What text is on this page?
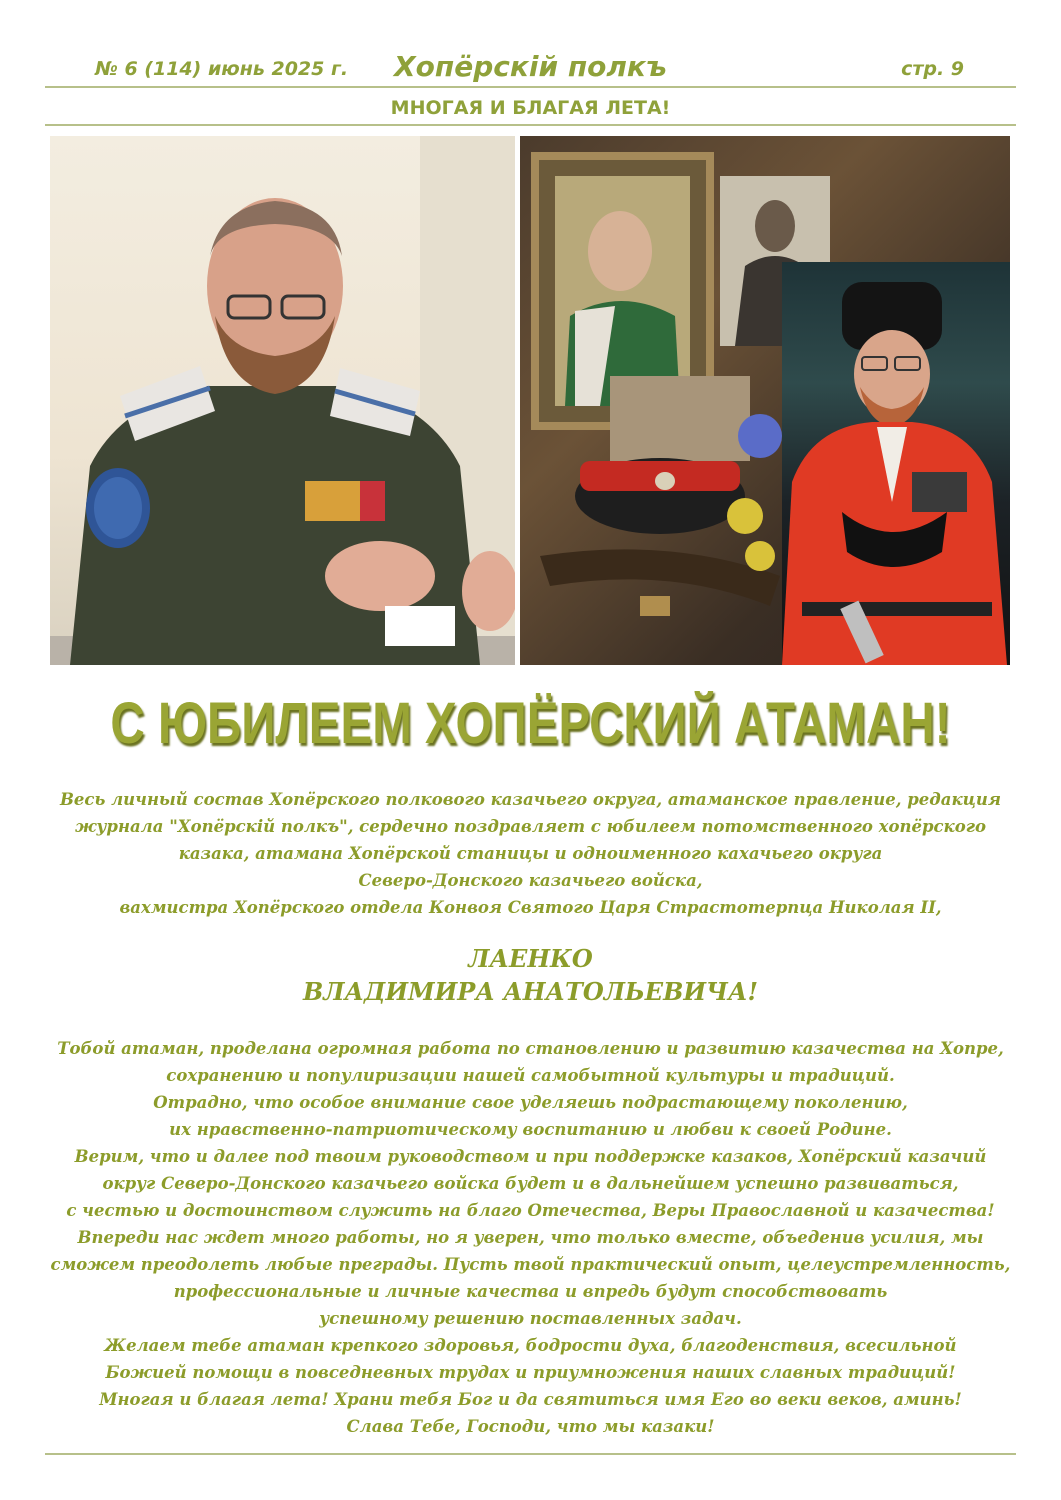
№ 6 (114) июнь 2025 г.	Хопёрскiй полкъ	стр. 9
МНОГАЯ И БЛАГАЯ ЛЕТА!
С ЮБИЛЕЕМ ХОПЁРСКИЙ АТАМАН!
Весь личный состав Хопёрского полкового казачьего округа, атаманское правление, редакция
журнала "Хопёрскiй полкъ", сердечно поздравляет с юбилеем потомственного хопёрского
казака, атамана Хопёрской станицы и одноименного кахачьего округа
Северо-Донского казачьего войска,
вахмистра Хопёрского отдела Конвоя Святого Царя Страстотерпца Николая II,
ЛАЕНКО
ВЛАДИМИРА АНАТОЛЬЕВИЧА!
Тобой атаман, проделана огромная работа по становлению и развитию казачества на Хопре,
сохранению и популиризации нашей самобытной культуры и традиций.
Отрадно, что особое внимание свое уделяешь подрастающему поколению,
их нравственно-патриотическому воспитанию и любви к своей Родине.
Верим, что и далее под твоим руководством и при поддержке казаков, Хопёрский казачий
округ Северо-Донского казачьего войска будет и в дальнейшем успешно развиваться,
с честью и достоинством служить на благо Отечества, Веры Православной и казачества!
Впереди нас ждет много работы, но я уверен, что только вместе, объеденив усилия, мы
сможем преодолеть любые преграды. Пусть твой практический опыт, целеустремленность,
профессиональные и личные качества и впредь будут способствовать
успешному решению поставленных задач.
Желаем тебе атаман крепкого здоровья, бодрости духа, благоденствия, всесильной
Божией помощи в повседневных трудах и приумножения наших славных традиций!
Многая и благая лета! Храни тебя Бог и да святиться имя Его во веки веков, аминь!
Слава Тебе, Господи, что мы казаки!
